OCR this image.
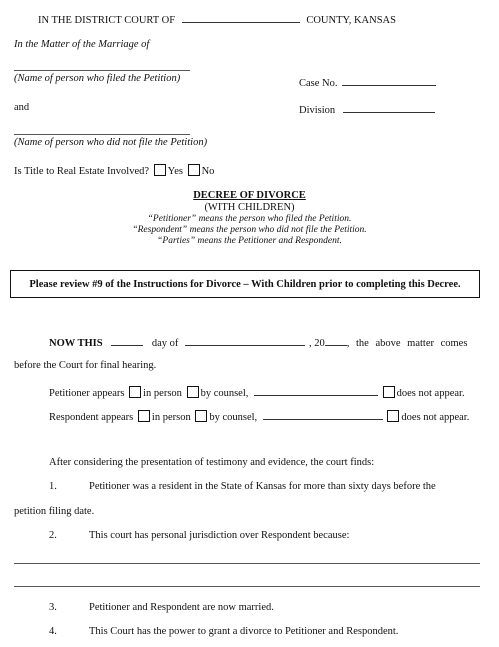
IN THE DISTRICT COURT OF	COUNTY, KANSAS
In the Matter of the Marriage of
(Name of person who filed the Petition)	Case No.
and	Division
(Name of person who did not file the Petition)
Is Title to Real Estate Involved? Yes No
DECREE OF DIVORCE
(WITH CHILDREN)
“Petitioner” means the person who filed the Petition.
“Respondent” means the person who did not file the Petition.
“Parties” means the Petitioner and Respondent.
Please review #9 of the Instructions for Divorce – With Children prior to completing this Decree.
NOW THIS	day of	, 20 , the above matter comes
before the Court for final hearing.
Petitioner appears in person by counsel,	does not appear.
Respondent appears in person by counsel,	does not appear.
After considering the presentation of testimony and evidence, the court finds:
1.	Petitioner was a resident in the State of Kansas for more than sixty days before the
petition filing date.
2.	This court has personal jurisdiction over Respondent because:
3.	Petitioner and Respondent are now married.
4.	This Court has the power to grant a divorce to Petitioner and Respondent.
